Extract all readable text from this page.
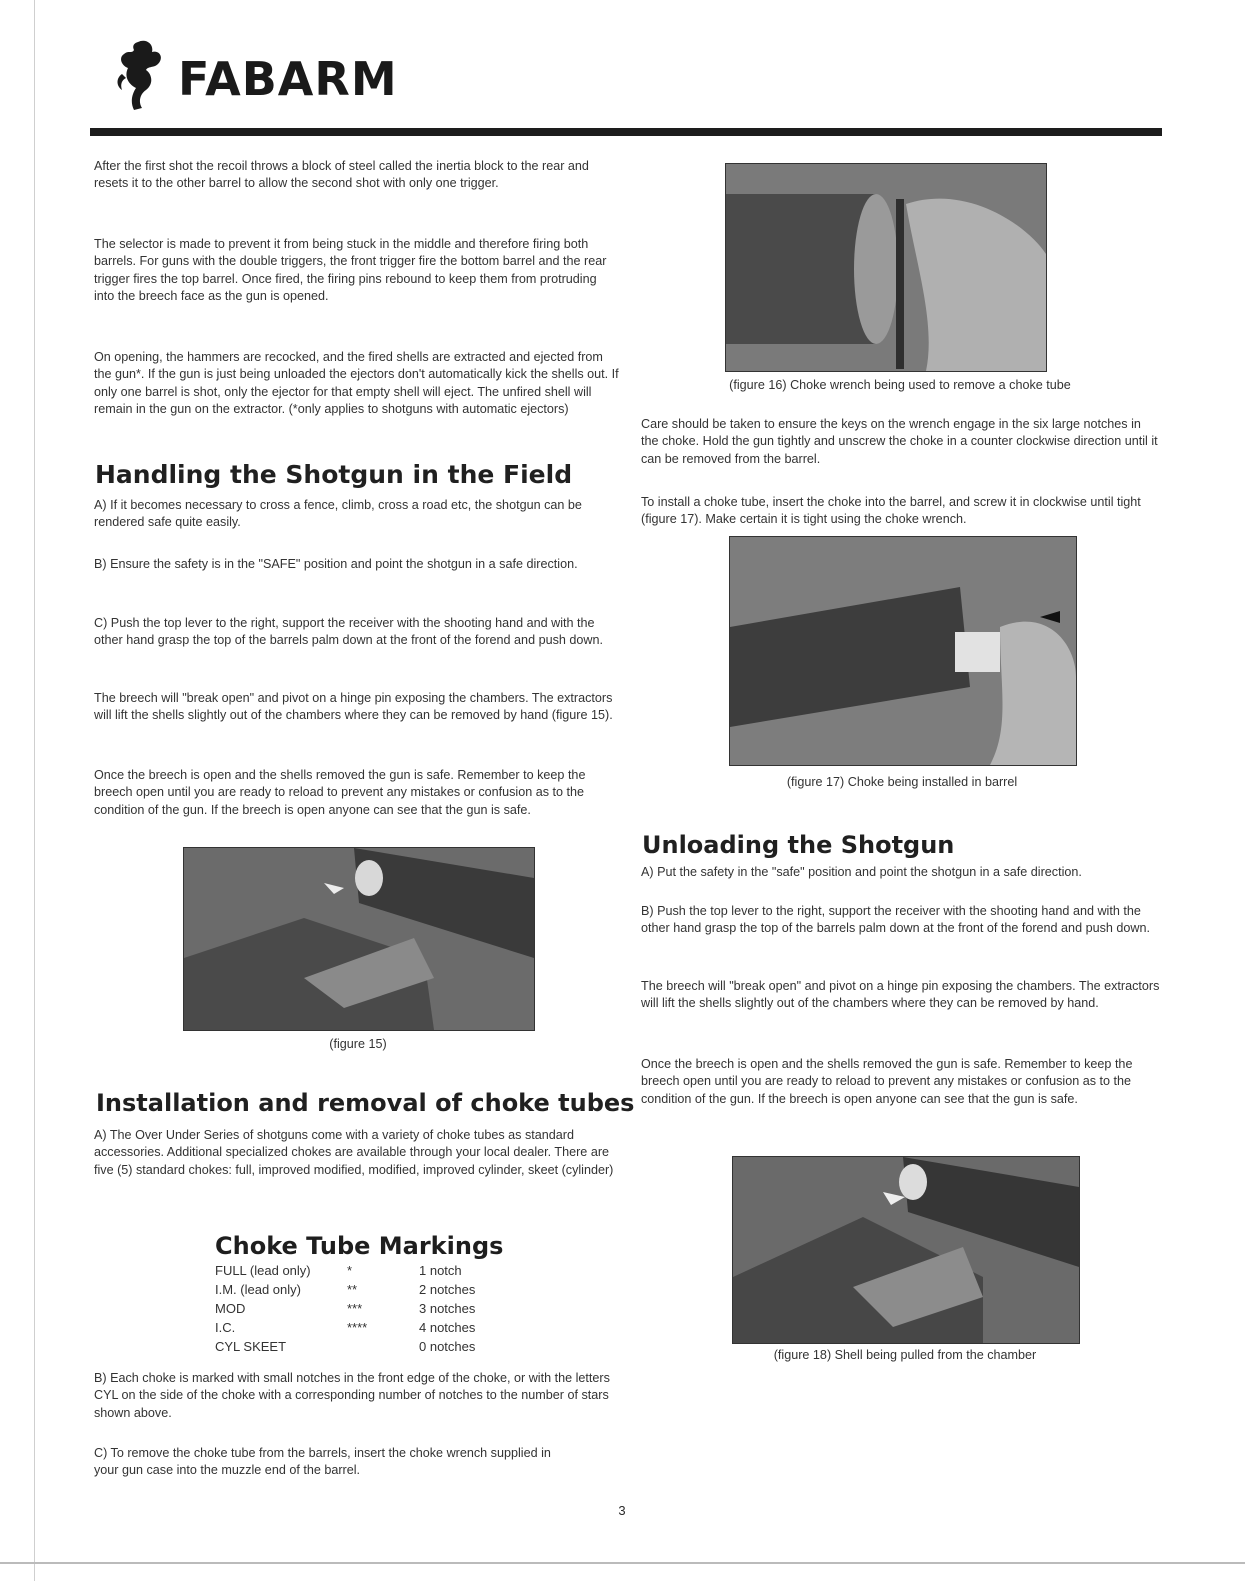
FABARM

After the first shot the recoil throws a block of steel called the inertia block to the rear and resets it to the other barrel to allow the second shot with only one trigger.

The selector is made to prevent it from being stuck in the middle and therefore firing both barrels. For guns with the double triggers, the front trigger fire the bottom barrel and the rear trigger fires the top barrel. Once fired, the firing pins rebound to keep them from protruding into the breech face as the gun is opened.

On opening, the hammers are recocked, and the fired shells are extracted and ejected from the gun*. If the gun is just being unloaded the ejectors don't automatically kick the shells out. If only one barrel is shot, only the ejector for that empty shell will eject. The unfired shell will remain in the gun on the extractor. (*only applies to shotguns with automatic ejectors)

Handling the Shotgun in the Field

A) If it becomes necessary to cross a fence, climb, cross a road etc, the shotgun can be rendered safe quite easily.

B) Ensure the safety is in the "SAFE" position and point the shotgun in a safe direction.

C) Push the top lever to the right, support the receiver with the shooting hand and with the other hand grasp the top of the barrels palm down at the front of the forend and push down.

The breech will "break open" and pivot on a hinge pin exposing the chambers. The extractors will lift the shells slightly out of the chambers where they can be removed by hand (figure 15).

Once the breech is open and the shells removed the gun is safe. Remember to keep the breech open until you are ready to reload to prevent any mistakes or confusion as to the condition of the gun. If the breech is open anyone can see that the gun is safe.

(figure 15)
Installation and removal of choke tubes

A) The Over Under Series of shotguns come with a variety of choke tubes as standard accessories. Additional specialized chokes are available through your local dealer. There are five (5) standard chokes: full, improved modified, modified, improved cylinder, skeet (cylinder)

Choke Tube Markings
FULL (lead only)	*	1 notch
I.M. (lead only)	**	2 notches
MOD	***	3 notches
I.C.	****	4 notches
CYL SKEET		0 notches

B) Each choke is marked with small notches in the front edge of the choke, or with the letters CYL on the side of the choke with a corresponding number of notches to the number of stars shown above.

C) To remove the choke tube from the barrels, insert the choke wrench supplied in your gun case into the muzzle end of the barrel.

(figure 16) Choke wrench being used to remove a choke tube

Care should be taken to ensure the keys on the wrench engage in the six large notches in the choke. Hold the gun tightly and unscrew the choke in a counter clockwise direction until it can be removed from the barrel.

To install a choke tube, insert the choke into the barrel, and screw it in clockwise until tight (figure 17). Make certain it is tight using the choke wrench.

(figure 17) Choke being installed in barrel
Unloading the Shotgun

A) Put the safety in the "safe" position and point the shotgun in a safe direction.

B) Push the top lever to the right, support the receiver with the shooting hand and with the other hand grasp the top of the barrels palm down at the front of the forend and push down.

The breech will "break open" and pivot on a hinge pin exposing the chambers. The extractors will lift the shells slightly out of the chambers where they can be removed by hand.

Once the breech is open and the shells removed the gun is safe. Remember to keep the breech open until you are ready to reload to prevent any mistakes or confusion as to the condition of the gun. If the breech is open anyone can see that the gun is safe.

(figure 18) Shell being pulled from the chamber
3
